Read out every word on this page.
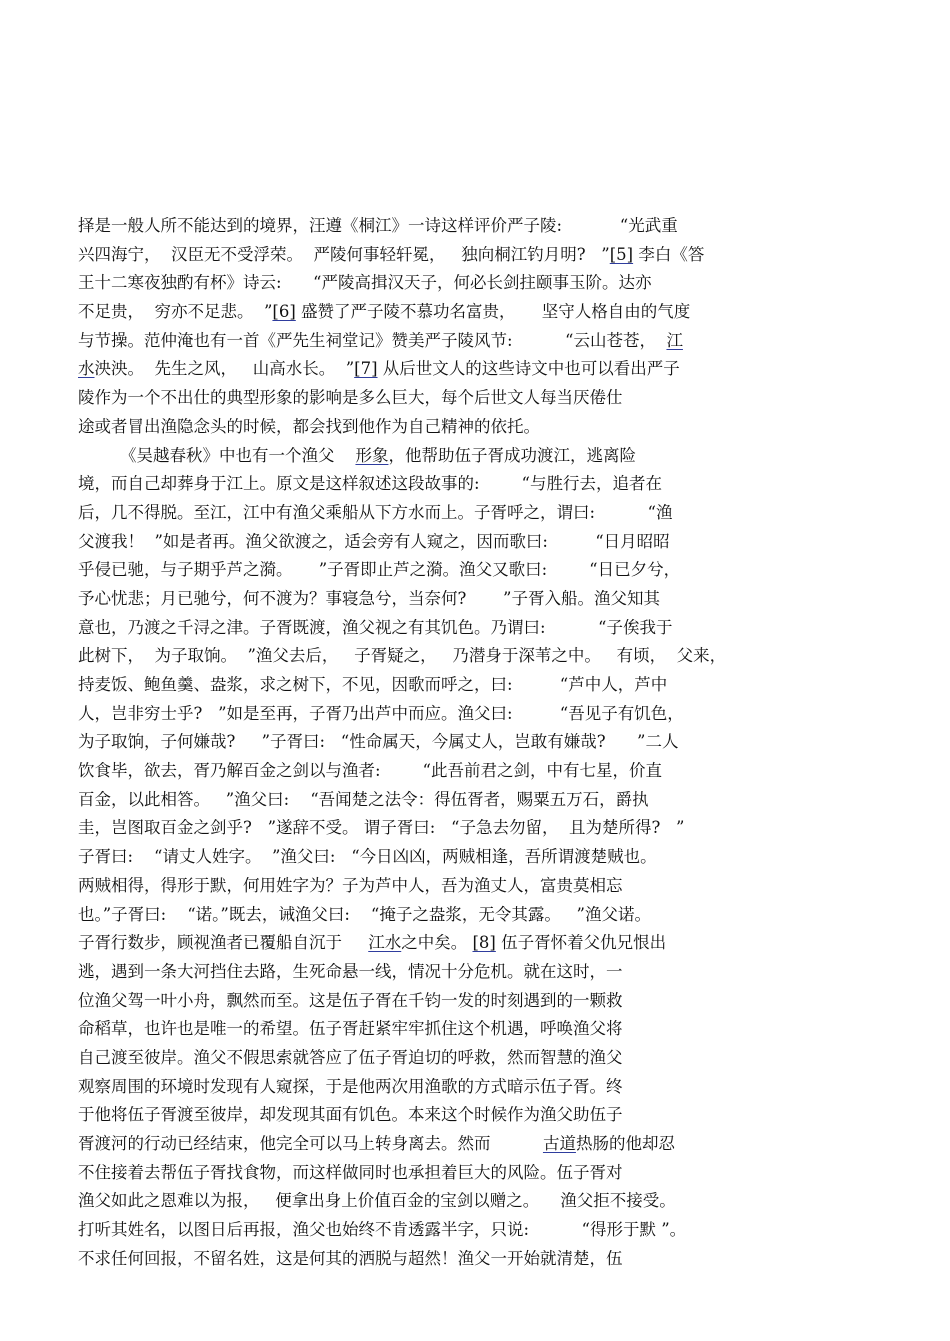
择是一般人所不能达到的境界，汪遵《桐江》一诗这样评价严子陵:           “光武重
兴四海宁，  汉臣无不受浮荣。  严陵何事轻轩冕，   独向桐江钓月明?   ”[5] 李白《答
王十二寒夜独酌有杯》诗云:      “严陵高揖汉天子，何必长剑拄颐事玉阶。达亦
不足贵，  穷亦不足悲。  ”[6] 盛赞了严子陵不慕功名富贵，     坚守人格自由的气度
与节操。范仲淹也有一首《严先生祠堂记》赞美严子陵风节:          “云山苍苍，  江
水泱泱。  先生之风，   山高水长。  ”[7] 从后世文人的这些诗文中也可以看出严子
陵作为一个不出仕的典型形象的影响是多么巨大，每个后世文人每当厌倦仕
途或者冒出渔隐念头的时候，都会找到他作为自己精神的依托。
《吴越春秋》中也有一个渔父    形象，他帮助伍子胥成功渡江，逃离险
境，而自己却葬身于江上。原文是这样叙述这段故事的:        “与胜行去，追者在
后，几不得脱。至江，江中有渔父乘船从下方水而上。子胥呼之，谓曰:          “渔
父渡我！  ”如是者再。渔父欲渡之，适会旁有人窥之，因而歌曰:         “日月昭昭
乎侵已驰，与子期乎芦之漪。     ”子胥即止芦之漪。渔父又歌曰:        “日已夕兮，
予心忧悲；月已驰兮，何不渡为？事寝急兮，当奈何?       ”子胥入船。渔父知其
意也，乃渡之千浔之津。子胥既渡，渔父视之有其饥色。乃谓曰:          “子俟我于
此树下，  为子取饷。  ”渔父去后，   子胥疑之，   乃潜身于深苇之中。   有顷，  父来，
持麦饭、鲍鱼羹、盎浆，求之树下，不见，因歌而呼之，曰:         “芦中人，芦中
人，岂非穷士乎?   ”如是至再，子胥乃出芦中而应。渔父曰:         “吾见子有饥色，
为子取饷，子何嫌哉?     ”子胥曰:   “性命属天，今属丈人，岂敢有嫌哉?      ”二人
饮食毕，欲去，胥乃解百金之剑以与渔者:        “此吾前君之剑，中有七星，价直
百金，以此相答。   ”渔父曰:    “吾闻楚之法令：得伍胥者，赐粟五万石，爵执
圭，岂图取百金之剑乎?   ”遂辞不受。 谓子胥曰:   “子急去勿留，  且为楚所得?   ”
子胥曰:    “请丈人姓字。  ”渔父曰:   “今日凶凶，两贼相逢，吾所谓渡楚贼也。
两贼相得，得形于默，何用姓字为？子为芦中人，吾为渔丈人，富贵莫相忘
也。”子胥曰:    “诺。”既去，诫渔父曰:    “掩子之盎浆，无令其露。   ”渔父诺。
子胥行数步，顾视渔者已覆船自沉于     江水之中矣。 [8] 伍子胥怀着父仇兄恨出
逃，遇到一条大河挡住去路，生死命悬一线，情况十分危机。就在这时，一
位渔父驾一叶小舟，飘然而至。这是伍子胥在千钧一发的时刻遇到的一颗救
命稻草，也许也是唯一的希望。伍子胥赶紧牢牢抓住这个机遇，呼唤渔父将
自己渡至彼岸。渔父不假思索就答应了伍子胥迫切的呼救，然而智慧的渔父
观察周围的环境时发现有人窥探，于是他两次用渔歌的方式暗示伍子胥。终
于他将伍子胥渡至彼岸，却发现其面有饥色。本来这个时候作为渔父助伍子
胥渡河的行动已经结束，他完全可以马上转身离去。然而          古道热肠的他却忍
不住接着去帮伍子胥找食物，而这样做同时也承担着巨大的风险。伍子胥对
渔父如此之恩难以为报，   便拿出身上价值百金的宝剑以赠之。    渔父拒不接受。
打听其姓名，以图日后再报，渔父也始终不肯透露半字，只说:          “得形于默 ”。
不求任何回报，不留名姓，这是何其的洒脱与超然！渔父一开始就清楚，伍
